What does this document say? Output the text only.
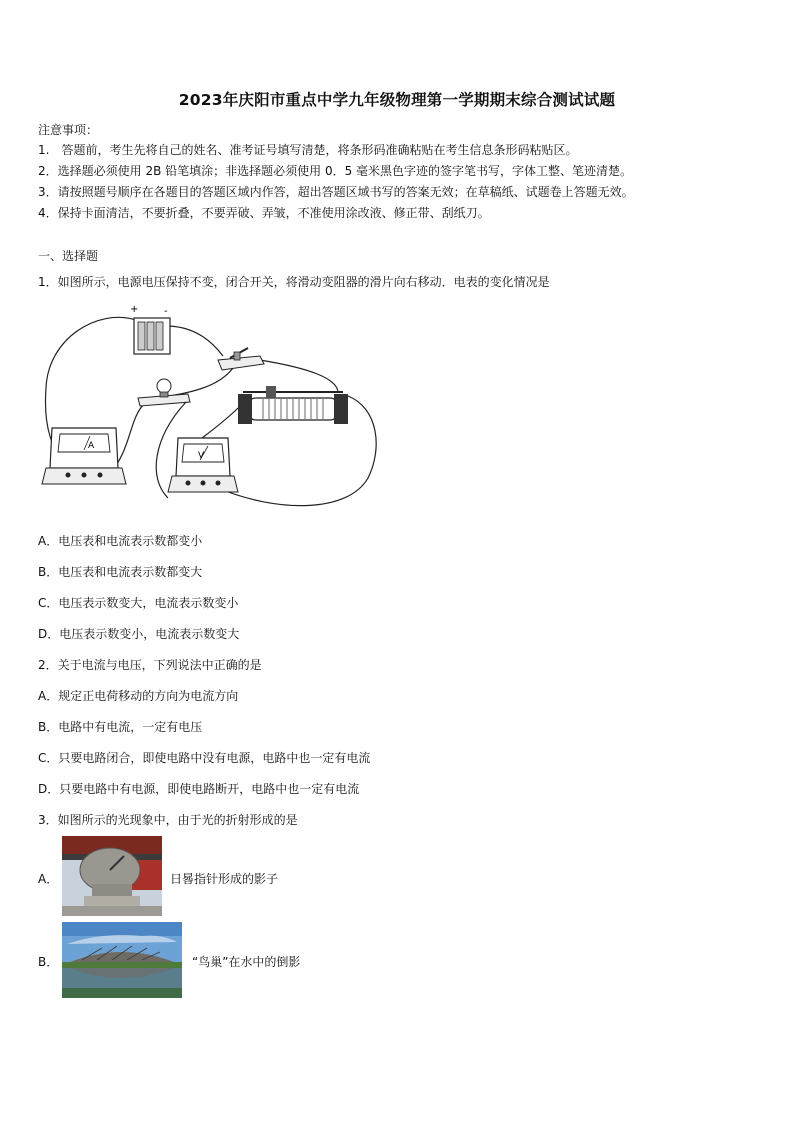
2023年庆阳市重点中学九年级物理第一学期期末综合测试试题
注意事项：
1.　答题前，考生先将自己的姓名、准考证号填写清楚，将条形码准确粘贴在考生信息条形码粘贴区。
2．选择题必须使用 2B 铅笔填涂；非选择题必须使用 0．5 毫米黑色字迹的签字笔书写，字体工整、笔迹清楚。
3．请按照题号顺序在各题目的答题区域内作答，超出答题区域书写的答案无效；在草稿纸、试题卷上答题无效。
4．保持卡面清洁，不要折叠，不要弄破、弄皱，不准使用涂改液、修正带、刮纸刀。
一、选择题
1．如图所示，电源电压保持不变，闭合开关，将滑动变阻器的滑片向右移动．电表的变化情况是
+	-
A
V
A．电压表和电流表示数都变小
B．电压表和电流表示数都变大
C．电压表示数变大，电流表示数变小
D．电压表示数变小，电流表示数变大
2．关于电流与电压，下列说法中正确的是
A．规定正电荷移动的方向为电流方向
B．电路中有电流，一定有电压
C．只要电路闭合，即使电路中没有电源，电路中也一定有电流
D．只要电路中有电源，即使电路断开，电路中也一定有电流
3．如图所示的光现象中，由于光的折射形成的是
A．	日晷指针形成的影子
B．	“鸟巢”在水中的倒影
